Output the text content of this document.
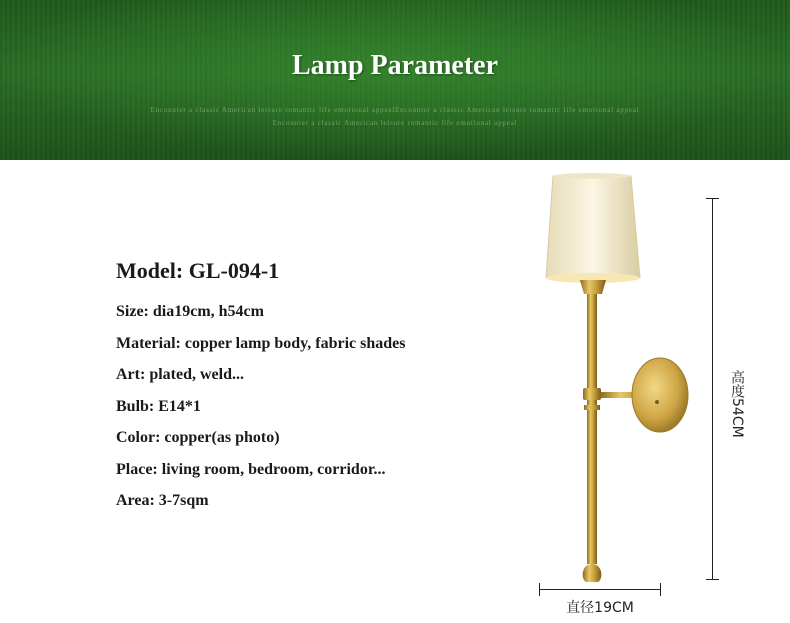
Lamp Parameter
Encounter a classic American leisure romantic life emotional appealEncounter a classic American leisure romantic life emotional appeal
Encounter a classic American leisure romantic life emotional appeal
Model: GL-094-1
Size: dia19cm, h54cm
Material: copper lamp body, fabric shades
Art: plated, weld...
Bulb: E14*1
Color: copper(as photo)
Place: living room, bedroom, corridor...
Area: 3-7sqm
高度54CM
直径19CM
